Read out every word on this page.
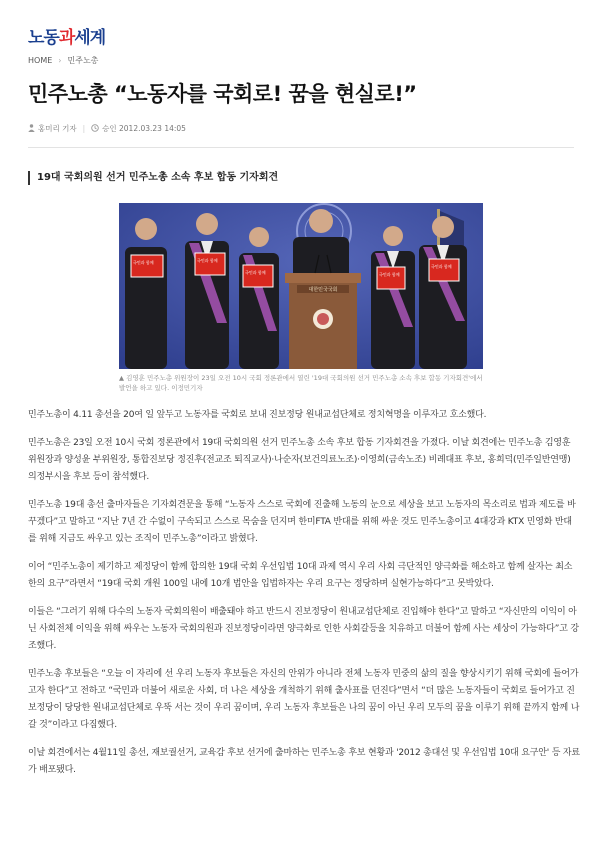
노동과세계
HOME › 민주노총
민주노총 “노동자를 국회로! 꿈을 현실로!”
홍미리 기자 | 승인 2012.03.23 14:05
19대 국회의원 선거 민주노총 소속 후보 합동 기자회견
국민과 함께	국민과 함께
국민과 함께	국민과 함께
국민과 함께
대한민국국회
▲ 김영훈 민주노총 위원장이 23일 오전 10시 국회 정론관에서 열린 '19대 국회의원 선거 민주노총 소속 후보 합동 기자회견'에서 발언을 하고 있다. 이정민기자

민주노총이 4.11 총선을 20여 일 앞두고 노동자를 국회로 보내 진보정당 원내교섭단체로 정치혁명을 이루자고 호소했다.

민주노총은 23일 오전 10시 국회 정론관에서 19대 국회의원 선거 민주노총 소속 후보 합동 기자회견을 가졌다. 이날 회견에는 민주노총 김영훈 위원장과 양성윤 부위원장, 통합진보당 정진후(전교조 퇴직교사)·나순자(보건의료노조)·이영희(금속노조) 비례대표 후보, 홍희덕(민주일반연맹) 의정부시을 후보 등이 참석했다.

민주노총 19대 총선 출마자들은 기자회견문을 통해 “노동자 스스로 국회에 진출해 노동의 눈으로 세상을 보고 노동자의 목소리로 법과 제도를 바꾸겠다”고 말하고 “지난 7년 간 수없이 구속되고 스스로 목숨을 던지며 한미FTA 반대를 위해 싸운 것도 민주노총이고 4대강과 KTX 민영화 반대를 위해 지금도 싸우고 있는 조직이 민주노총”이라고 밝혔다.

이어 “민주노총이 제기하고 제정당이 함께 합의한 19대 국회 우선입법 10대 과제 역시 우리 사회 극단적인 양극화를 해소하고 함께 살자는 최소한의 요구”라면서 “19대 국회 개원 100일 내에 10개 법안을 입법하자는 우리 요구는 정당하며 실현가능하다”고 못박았다.

이들은 “그러기 위해 다수의 노동자 국회의원이 배출돼야 하고 반드시 진보정당이 원내교섭단체로 진입해야 한다”고 말하고 “자신만의 이익이 아닌 사회전체 이익을 위해 싸우는 노동자 국회의원과 진보정당이라면 양극화로 인한 사회갈등을 치유하고 더불어 함께 사는 세상이 가능하다”고 강조했다.

민주노총 후보들은 “오늘 이 자리에 선 우리 노동자 후보들은 자신의 안위가 아니라 전체 노동자 민중의 삶의 질을 향상시키기 위해 국회에 들어가고자 한다”고 전하고 “국민과 더불어 새로운 사회, 더 나은 세상을 개척하기 위해 출사표를 던진다”면서 “더 많은 노동자들이 국회로 들어가고 진보정당이 당당한 원내교섭단체로 우뚝 서는 것이 우리 꿈이며, 우리 노동자 후보들은 나의 꿈이 아닌 우리 모두의 꿈을 이루기 위해 끝까지 함께 나갈 것”이라고 다짐했다.

이날 회견에서는 4월11일 총선, 재보궐선거, 교육감 후보 선거에 출마하는 민주노총 후보 현황과 '2012 총대선 및 우선입법 10대 요구안' 등 자료가 배포됐다.
